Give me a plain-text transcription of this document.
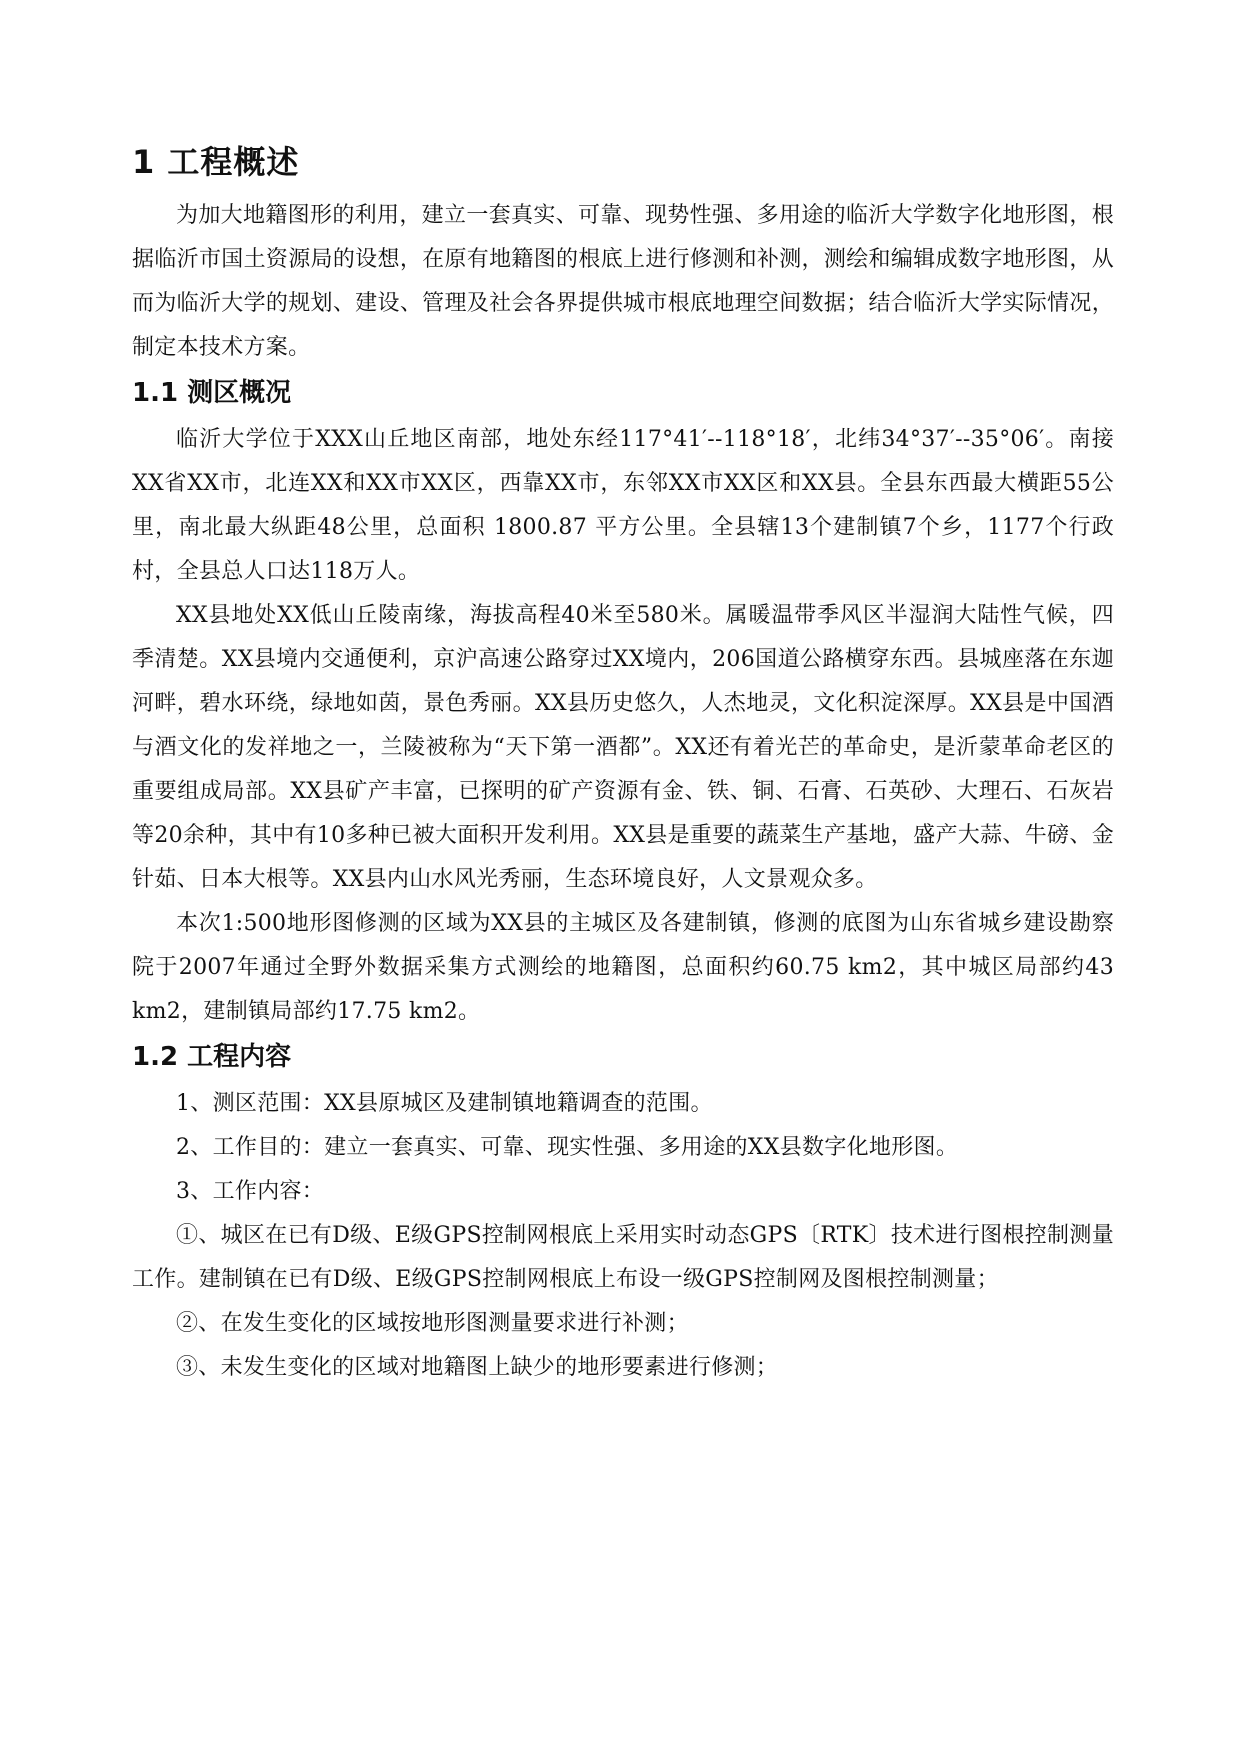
1 工程概述

为加大地籍图形的利用，建立一套真实、可靠、现势性强、多用途的临沂大学数字化地形图，根据临沂市国土资源局的设想，在原有地籍图的根底上进行修测和补测，测绘和编辑成数字地形图，从而为临沂大学的规划、建设、管理及社会各界提供城市根底地理空间数据；结合临沂大学实际情况，制定本技术方案。

1.1 测区概况

临沂大学位于XXX山丘地区南部，地处东经117°41′--118°18′，北纬34°37′--35°06′。南接XX省XX市，北连XX和XX市XX区，西靠XX市，东邻XX市XX区和XX县。全县东西最大横距55公里，南北最大纵距48公里，总面积 1800.87 平方公里。全县辖13个建制镇7个乡，1177个行政村，全县总人口达118万人。

XX县地处XX低山丘陵南缘，海拔高程40米至580米。属暖温带季风区半湿润大陆性气候，四季清楚。XX县境内交通便利，京沪高速公路穿过XX境内，206国道公路横穿东西。县城座落在东迦河畔，碧水环绕，绿地如茵，景色秀丽。XX县历史悠久，人杰地灵，文化积淀深厚。XX县是中国酒与酒文化的发祥地之一，兰陵被称为“天下第一酒都”。XX还有着光芒的革命史，是沂蒙革命老区的重要组成局部。XX县矿产丰富，已探明的矿产资源有金、铁、铜、石膏、石英砂、大理石、石灰岩等20余种，其中有10多种已被大面积开发利用。XX县是重要的蔬菜生产基地，盛产大蒜、牛磅、金针茹、日本大根等。XX县内山水风光秀丽，生态环境良好，人文景观众多。

本次1:500地形图修测的区域为XX县的主城区及各建制镇，修测的底图为山东省城乡建设勘察院于2007年通过全野外数据采集方式测绘的地籍图，总面积约60.75 km2，其中城区局部约43 km2，建制镇局部约17.75 km2。

1.2 工程内容

1、测区范围：XX县原城区及建制镇地籍调查的范围。

2、工作目的：建立一套真实、可靠、现实性强、多用途的XX县数字化地形图。

3、工作内容：

①、城区在已有D级、E级GPS控制网根底上采用实时动态GPS〔RTK〕技术进行图根控制测量工作。建制镇在已有D级、E级GPS控制网根底上布设一级GPS控制网及图根控制测量；

②、在发生变化的区域按地形图测量要求进行补测；

③、未发生变化的区域对地籍图上缺少的地形要素进行修测；
